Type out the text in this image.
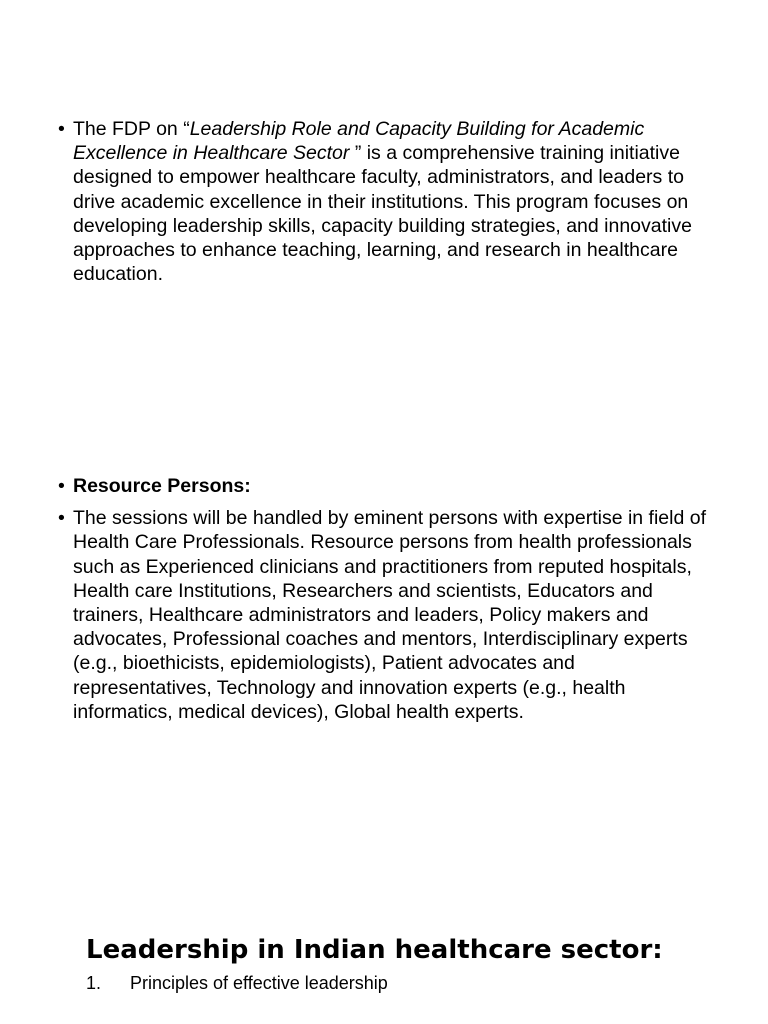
• The FDP on “Leadership Role and Capacity Building for Academic Excellence in Healthcare Sector ” is a comprehensive training initiative designed to empower healthcare faculty, administrators, and leaders to drive academic excellence in their institutions. This program focuses on developing leadership skills, capacity building strategies, and innovative approaches to enhance teaching, learning, and research in healthcare education.
• Resource Persons:
• The sessions will be handled by eminent persons with expertise in field of Health Care Professionals. Resource persons from health professionals such as Experienced clinicians and practitioners from reputed hospitals, Health care Institutions, Researchers and scientists, Educators and trainers, Healthcare administrators and leaders, Policy makers and advocates, Professional coaches and mentors, Interdisciplinary experts (e.g., bioethicists, epidemiologists), Patient advocates and representatives, Technology and innovation experts (e.g., health informatics, medical devices), Global health experts.
Leadership in Indian healthcare sector:
1. Principles of effective leadership
